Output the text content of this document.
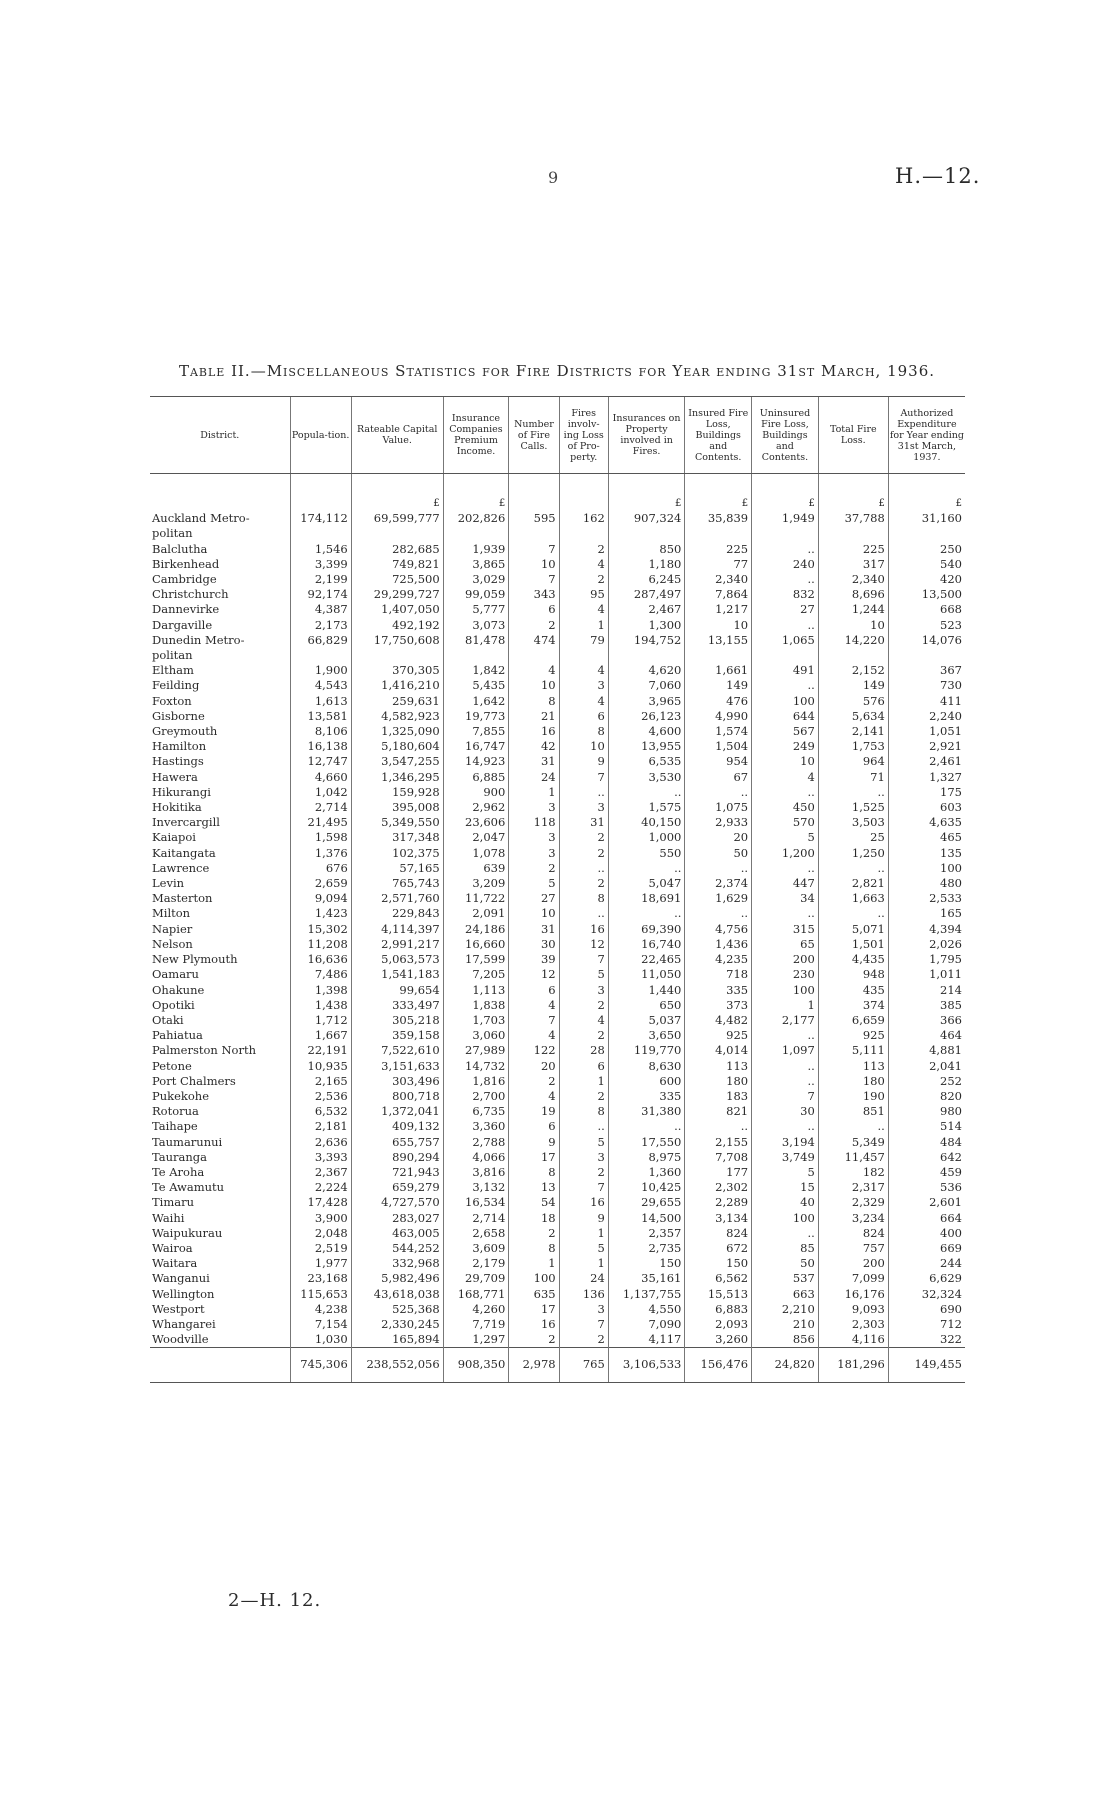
9	H.—12.
Table II.—Miscellaneous Statistics for Fire Districts for Year ending 31st March, 1936.
District.	Popula-tion.	Rateable Capital Value.	Insurance Companies Premium Income.	Number of Fire Calls.	Fires involv-ing Loss of Pro-perty.	Insurances on Property involved in Fires.	Insured Fire Loss, Buildings and Contents.	Uninsured Fire Loss, Buildings and Contents.	Total Fire Loss.	Authorized Expenditure for Year ending 31st March, 1937.
		£	£			£	£	£	£	£
Auckland Metro-	174,112	69,599,777	202,826	595	162	907,324	35,839	1,949	37,788	31,160
politan										
Balclutha	1,546	282,685	1,939	7	2	850	225	..	225	250
Birkenhead	3,399	749,821	3,865	10	4	1,180	77	240	317	540
Cambridge	2,199	725,500	3,029	7	2	6,245	2,340	..	2,340	420
Christchurch	92,174	29,299,727	99,059	343	95	287,497	7,864	832	8,696	13,500
Dannevirke	4,387	1,407,050	5,777	6	4	2,467	1,217	27	1,244	668
Dargaville	2,173	492,192	3,073	2	1	1,300	10	..	10	523
Dunedin Metro-	66,829	17,750,608	81,478	474	79	194,752	13,155	1,065	14,220	14,076
politan										
Eltham	1,900	370,305	1,842	4	4	4,620	1,661	491	2,152	367
Feilding	4,543	1,416,210	5,435	10	3	7,060	149	..	149	730
Foxton	1,613	259,631	1,642	8	4	3,965	476	100	576	411
Gisborne	13,581	4,582,923	19,773	21	6	26,123	4,990	644	5,634	2,240
Greymouth	8,106	1,325,090	7,855	16	8	4,600	1,574	567	2,141	1,051
Hamilton	16,138	5,180,604	16,747	42	10	13,955	1,504	249	1,753	2,921
Hastings	12,747	3,547,255	14,923	31	9	6,535	954	10	964	2,461
Hawera	4,660	1,346,295	6,885	24	7	3,530	67	4	71	1,327
Hikurangi	1,042	159,928	900	1	..	..	..	..	..	175
Hokitika	2,714	395,008	2,962	3	3	1,575	1,075	450	1,525	603
Invercargill	21,495	5,349,550	23,606	118	31	40,150	2,933	570	3,503	4,635
Kaiapoi	1,598	317,348	2,047	3	2	1,000	20	5	25	465
Kaitangata	1,376	102,375	1,078	3	2	550	50	1,200	1,250	135
Lawrence	676	57,165	639	2	..	..	..	..	..	100
Levin	2,659	765,743	3,209	5	2	5,047	2,374	447	2,821	480
Masterton	9,094	2,571,760	11,722	27	8	18,691	1,629	34	1,663	2,533
Milton	1,423	229,843	2,091	10	..	..	..	..	..	165
Napier	15,302	4,114,397	24,186	31	16	69,390	4,756	315	5,071	4,394
Nelson	11,208	2,991,217	16,660	30	12	16,740	1,436	65	1,501	2,026
New Plymouth	16,636	5,063,573	17,599	39	7	22,465	4,235	200	4,435	1,795
Oamaru	7,486	1,541,183	7,205	12	5	11,050	718	230	948	1,011
Ohakune	1,398	99,654	1,113	6	3	1,440	335	100	435	214
Opotiki	1,438	333,497	1,838	4	2	650	373	1	374	385
Otaki	1,712	305,218	1,703	7	4	5,037	4,482	2,177	6,659	366
Pahiatua	1,667	359,158	3,060	4	2	3,650	925	..	925	464
Palmerston North	22,191	7,522,610	27,989	122	28	119,770	4,014	1,097	5,111	4,881
Petone	10,935	3,151,633	14,732	20	6	8,630	113	..	113	2,041
Port Chalmers	2,165	303,496	1,816	2	1	600	180	..	180	252
Pukekohe	2,536	800,718	2,700	4	2	335	183	7	190	820
Rotorua	6,532	1,372,041	6,735	19	8	31,380	821	30	851	980
Taihape	2,181	409,132	3,360	6	..	..	..	..	..	514
Taumarunui	2,636	655,757	2,788	9	5	17,550	2,155	3,194	5,349	484
Tauranga	3,393	890,294	4,066	17	3	8,975	7,708	3,749	11,457	642
Te Aroha	2,367	721,943	3,816	8	2	1,360	177	5	182	459
Te Awamutu	2,224	659,279	3,132	13	7	10,425	2,302	15	2,317	536
Timaru	17,428	4,727,570	16,534	54	16	29,655	2,289	40	2,329	2,601
Waihi	3,900	283,027	2,714	18	9	14,500	3,134	100	3,234	664
Waipukurau	2,048	463,005	2,658	2	1	2,357	824	..	824	400
Wairoa	2,519	544,252	3,609	8	5	2,735	672	85	757	669
Waitara	1,977	332,968	2,179	1	1	150	150	50	200	244
Wanganui	23,168	5,982,496	29,709	100	24	35,161	6,562	537	7,099	6,629
Wellington	115,653	43,618,038	168,771	635	136	1,137,755	15,513	663	16,176	32,324
Westport	4,238	525,368	4,260	17	3	4,550	6,883	2,210	9,093	690
Whangarei	7,154	2,330,245	7,719	16	7	7,090	2,093	210	2,303	712
Woodville	1,030	165,894	1,297	2	2	4,117	3,260	856	4,116	322
	745,306	238,552,056	908,350	2,978	765	3,106,533	156,476	24,820	181,296	149,455
2—H. 12.
